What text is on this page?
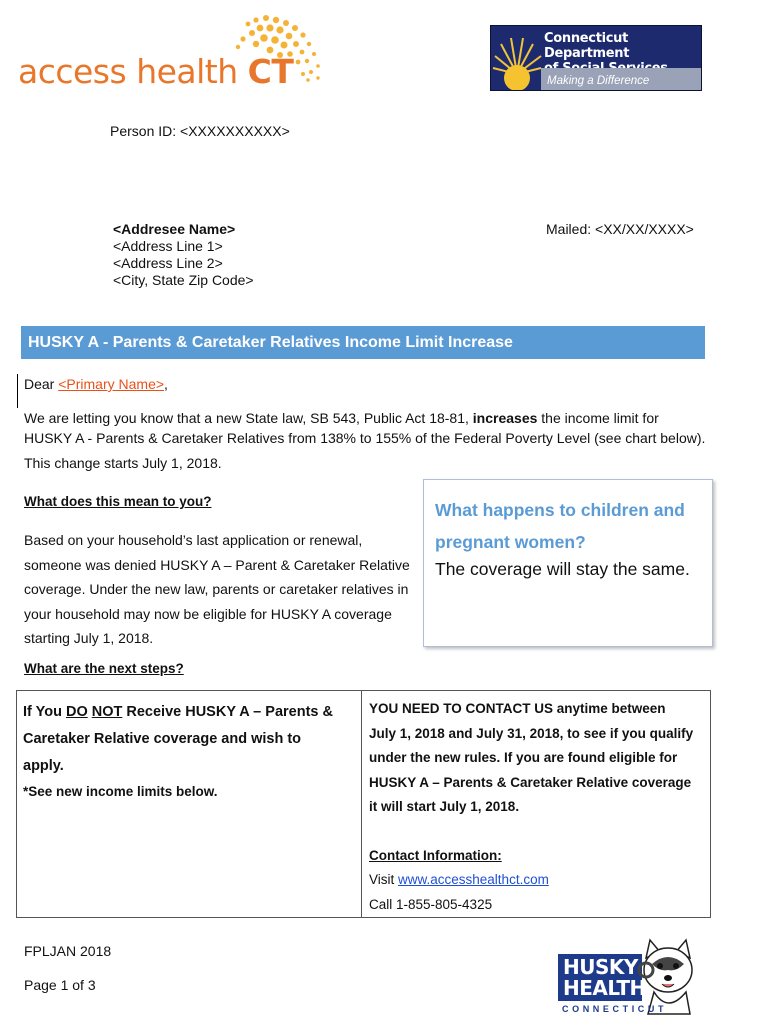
access health CT
Connecticut Department
Making a Difference
Person ID: <XXXXXXXXXX>
<Addresee Name>
<Address Line 1>
<Address Line 2>
<City, State Zip Code>
Mailed: <XX/XX/XXXX>
HUSKY A - Parents & Caretaker Relatives Income Limit Increase
Dear <Primary Name>,
We are letting you know that a new State law, SB 543, Public Act 18-81, increases the income limit for
HUSKY A - Parents & Caretaker Relatives from 138% to 155% of the Federal Poverty Level (see chart below).
This change starts July 1, 2018.
What does this mean to you?
Based on your household’s last application or renewal,
someone was denied HUSKY A – Parent & Caretaker Relative
coverage. Under the new law, parents or caretaker relatives in
your household may now be eligible for HUSKY A coverage
starting July 1, 2018.
What happens to children and
pregnant women?
The coverage will stay the same.
What are the next steps?
If You DO NOT Receive HUSKY A – Parents &
Caretaker Relative coverage and wish to
apply.
*See new income limits below.
YOU NEED TO CONTACT US anytime between
July 1, 2018 and July 31, 2018, to see if you qualify
under the new rules. If you are found eligible for
HUSKY A – Parents & Caretaker Relative coverage
it will start July 1, 2018.
Contact Information:
Visit www.accesshealthct.com
Call 1-855-805-4325
FPLJAN 2018
Page 1 of 3
HUSKY
HEALTH
CONNECTICUT
